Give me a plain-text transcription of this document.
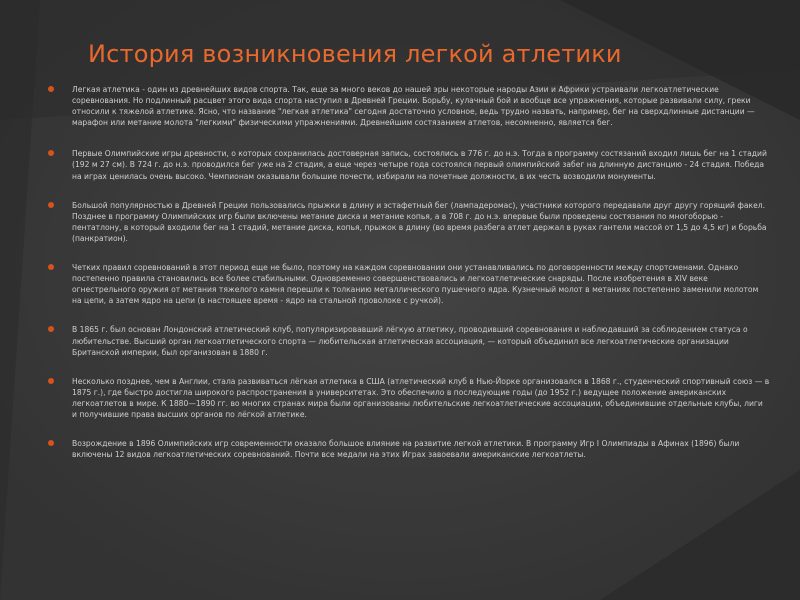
История возникновения легкой атлетики
Легкая атлетика - один из древнейших видов спорта. Так, еще за много веков до нашей эры некоторые народы Азии и Африки устраивали легкоатлетические соревнования. Но подлинный расцвет этого вида спорта наступил в Древней Греции. Борьбу, кулачный бой и вообще все упражнения, которые развивали силу, греки относили к тяжелой атлетике. Ясно, что название "легкая атлетика" сегодня достаточно условное, ведь трудно назвать, например, бег на сверхдлинные дистанции — марафон или метание молота "легкими" физическими упражнениями. Древнейшим состязанием атлетов, несомненно, является бег.
Первые Олимпийские игры древности, о которых сохранилась достоверная запись, состоялись в 776 г. до н.э. Тогда в программу состязаний входил лишь бег на 1 стадий (192 м 27 см). В 724 г. до н.э. проводился бег уже на 2 стадия, а еще через четыре года состоялся первый олимпийский забег на длинную дистанцию - 24 стадия. Победа на играх ценилась очень высоко. Чемпионам оказывали большие почести, избирали на почетные должности, в их честь возводили монументы.
Большой популярностью в Древней Греции пользовались прыжки в длину и эстафетный бег (лампадеромас), участники которого передавали друг другу горящий факел. Позднее в программу Олимпийских игр были включены метание диска и метание копья, а в 708 г. до н.э. впервые были проведены состязания по многоборью - пентатлону, в который входили бег на 1 стадий, метание диска, копья, прыжок в длину (во время разбега атлет держал в руках гантели массой от 1,5 до 4,5 кг) и борьба (панкратион).
Четких правил соревнований в этот период еще не было, поэтому на каждом соревновании они устанавливались по договоренности между спортсменами. Однако постепенно правила становились все более стабильными. Одновременно совершенствовались и легкоатлетические снаряды. После изобретения в XIV веке огнестрельного оружия от метания тяжелого камня перешли к толканию металлического пушечного ядра. Кузнечный молот в метаниях постепенно заменили молотом на цепи, а затем ядро на цепи (в настоящее время - ядро на стальной проволоке с ручкой).
В 1865 г. был основан Лондонский атлетический клуб, популяризировавший лёгкую атлетику, проводивший соревнования и наблюдавший за соблюдением статуса о любительстве. Высший орган легкоатлетического спорта — любительская атлетическая ассоциация, — который объединил все легкоатлетические организации Британской империи, был организован в 1880 г.
Несколько позднее, чем в Англии, стала развиваться лёгкая атлетика в США (атлетический клуб в Нью-Йорке организовался в 1868 г., студенческий спортивный союз — в 1875 г.), где быстро достигла широкого распространения в университетах. Это обеспечило в последующие годы (до 1952 г.) ведущее положение американских легкоатлетов в мире. К 1880—1890 гг. во многих странах мира были организованы любительские легкоатлетические ассоциации, объединившие отдельные клубы, лиги и получившие права высших органов по лёгкой атлетике.
Возрождение в 1896 Олимпийских игр современности оказало большое влияние на развитие легкой атлетики. В программу Игр I Олимпиады в Афинах (1896) были включены 12 видов легкоатлетических соревнований. Почти все медали на этих Играх завоевали американские легкоатлеты.
